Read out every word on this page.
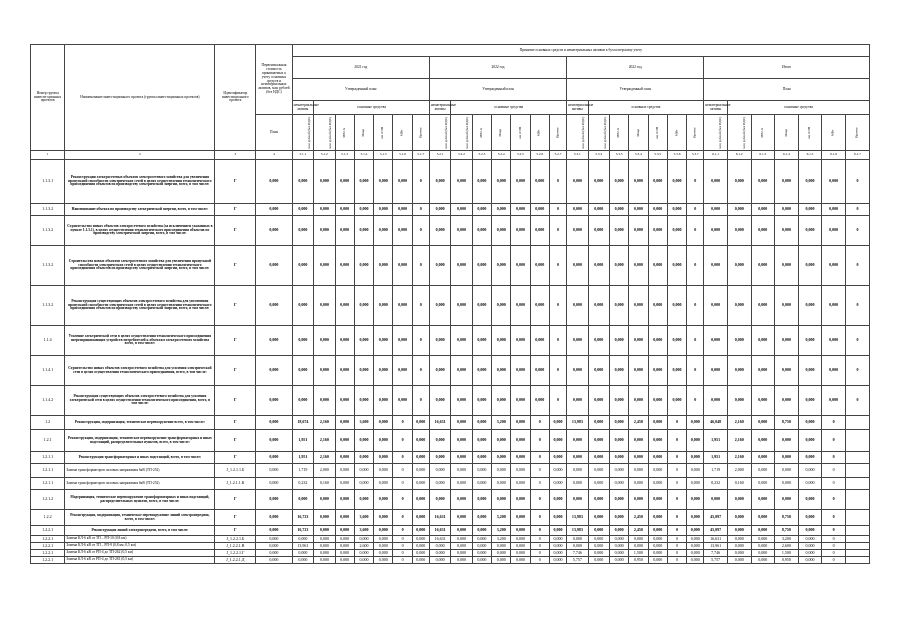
Номер группы инвести-ционных проектов	Наименование инвестиционного проекта (группы инвестиционных проектов)	Идентификатор инвестиционного проекта	Первоначальная стоимость принимаемых к учету основных средств и нематериальных активов, млн рублей (без НДС)	Принятие основных средств и нематериальных активов к бухгалтерскому учету																											
				2021 год							2022 год							2022 год							Итого						
				Утвержденный план							Утвержденный план							Утвержденный план							План						
				нематериальные активы	основные средства						нематериальные активы	основные средства						нематериальные активы	основные средства						нематериальные активы	основные средства					
			План	млн рублей (без НДС)	млн рублей (без НДС)	МВ×А	Мвар	км ЛЭП	МВт	Прочее	млн рублей (без НДС)	млн рублей (без НДС)	МВ×А	Мвар	км ЛЭП	МВт	Прочее	млн рублей (без НДС)	млн рублей (без НДС)	МВ×А	Мвар	км ЛЭП	МВт	Прочее	млн рублей (без НДС)	млн рублей (без НДС)	МВ×А	Мвар	км ЛЭП	МВт	Прочее

1	2	3	4	5.1.1	5.1.2	5.1.3	5.1.4	5.1.5	5.1.6	5.1.7	5.2.1	5.2.2	5.2.3	5.2.4	5.2.5	5.2.6	5.2.7	5.3.1	5.3.2	5.3.3	5.3.4	5.3.5	5.3.6	5.3.7	6.1.1	6.1.2	6.1.3	6.1.4	6.1.5	6.1.6	6.1.7
1.1.3.1	Реконструкция электросетевых объектов электросетевого хозяйства для увеличения пропускной способности электрических сетей в целях осуществления технологического присоединения объектов по производству электрической энергии, всего, в том числе:	Г	0,000	0,000	0,000	0,000	0,000	0,000	0,000	0	0,000	0,000	0,000	0,000	0,000	0,000	0	0,000	0,000	0,000	0,000	0,000	0,000	0	0,000	0,000	0,000	0,000	0,000	0,000	0
1.1.3.2	Наименование объекта по производству электрической энергии, всего, в том числе:	Г	0,000	0,000	0,000	0,000	0,000	0,000	0,000	0	0,000	0,000	0,000	0,000	0,000	0,000	0	0,000	0,000	0,000	0,000	0,000	0,000	0	0,000	0,000	0,000	0,000	0,000	0,000	0
1.1.3.2	Строительство новых объектов электросетевого хозяйства (за исключением указанных в пункте 1.1.3.1), в целях осуществления технологического присоединения объектов по производству электрической энергии, всего, в том числе:	Г	0,000	0,000	0,000	0,000	0,000	0,000	0,000	0	0,000	0,000	0,000	0,000	0,000	0,000	0	0,000	0,000	0,000	0,000	0,000	0,000	0	0,000	0,000	0,000	0,000	0,000	0,000	0
1.1.3.2	Строительство новых объектов электросетевого хозяйства для увеличения пропускной способности электрических сетей в целях осуществления технологического присоединения объектов по производству электрической энергии, всего, в том числе:	Г	0,000	0,000	0,000	0,000	0,000	0,000	0,000	0	0,000	0,000	0,000	0,000	0,000	0,000	0	0,000	0,000	0,000	0,000	0,000	0,000	0	0,000	0,000	0,000	0,000	0,000	0,000	0
1.1.3.2	Реконструкция существующих объектов электросетевого хозяйства для увеличения пропускной способности электрических сетей в целях осуществления технологического присоединения объектов по производству электрической энергии, всего, в том числе:	Г	0,000	0,000	0,000	0,000	0,000	0,000	0,000	0	0,000	0,000	0,000	0,000	0,000	0,000	0	0,000	0,000	0,000	0,000	0,000	0,000	0	0,000	0,000	0,000	0,000	0,000	0,000	0
1.1.4	Усиление электрической сети в целях осуществления технологического присоединения энергопринимающих устройств потребителей к объектам электросетевого хозяйства всего, в том числе:	Г	0,000	0,000	0,000	0,000	0,000	0,000	0,000	0	0,000	0,000	0,000	0,000	0,000	0,000	0	0,000	0,000	0,000	0,000	0,000	0,000	0	0,000	0,000	0,000	0,000	0,000	0,000	0
1.1.4.1	Строительство новых объектов электросетевого хозяйства для усиления электрической сети в целях осуществления технологического присоединения, всего, в том числе:	Г	0,000	0,000	0,000	0,000	0,000	0,000	0,000	0	0,000	0,000	0,000	0,000	0,000	0,000	0	0,000	0,000	0,000	0,000	0,000	0,000	0	0,000	0,000	0,000	0,000	0,000	0,000	0
1.1.4.2	Реконструкция существующих объектов электросетевого хозяйства для усиления электрической сети в целях осуществления технологического присоединения, всего, в том числе:	Г	0,000	0,000	0,000	0,000	0,000	0,000	0,000	0	0,000	0,000	0,000	0,000	0,000	0,000	0	0,000	0,000	0,000	0,000	0,000	0,000	0	0,000	0,000	0,000	0,000	0,000	0,000	0
1.2	Реконструкция, модернизация, техническое перевооружение всего, в том числе:	Г	0,000	18,674	2,160	0,000	3,600	0,000	0	0,000	16,631	0,000	0,000	3,200	0,000	0	0,000	13,983	0,000	0,000	2,450	0,000	0	0,000	46,048	2,160	0,000	8,750	0,000	0	
1.2.1	Реконструкция, модернизация, техническое перевооружение трансформаторных и иных подстанций, распределительных пунктов, всего, в том числе:	Г	0,000	1,951	2,160	0,000	0,000	0,000	0	0,000	0,000	0,000	0,000	0,000	0,000	0	0,000	0,000	0,000	0,000	0,000	0,000	0	0,000	1,951	2,160	0,000	0,000	0,000	0	
1.2.1.1	Реконструкция трансформаторных и иных подстанций, всего, в том числе:	Г	0,000	1,951	2,160	0,000	0,000	0,000	0	0,000	0,000	0,000	0,000	0,000	0,000	0	0,000	0,000	0,000	0,000	0,000	0,000	0	0,000	1,951	2,160	0,000	0,000	0,000	0	
1.2.1.1	Замена трансформаторов силовых напряжения 6кВ (ТП-252)	J_1.2.1.1.Б	0,000	1,719	2,000	0,000	0,000	0,000	0	0,000	0,000	0,000	0,000	0,000	0,000	0	0,000	0,000	0,000	0,000	0,000	0,000	0	0,000	1,719	2,000	0,000	0,000	0,000	0	
1.2.1.1	Замена трансформаторов силовых напряжения 6кВ (ТП-252)	J_1.2.1.1.К	0,000	0,232	0,160	0,000	0,000	0,000	0	0,000	0,000	0,000	0,000	0,000	0,000	0	0,000	0,000	0,000	0,000	0,000	0,000	0	0,000	0,232	0,160	0,000	0,000	0,000	0	
1.2.1.2	Модернизация, техническое перевооружение трансформаторных и иных подстанций, распределительных пунктов, всего, в том числе:	Г	0,000	0,000	0,000	0,000	0,000	0,000	0	0,000	0,000	0,000	0,000	0,000	0,000	0	0,000	0,000	0,000	0,000	0,000	0,000	0	0,000	0,000	0,000	0,000	0,000	0,000	0	
1.2.2	Реконструкция, модернизация, техническое перевооружение линий электропередачи, всего, в том числе:	Г	0,000	16,723	0,000	0,000	3,600	0,000	0	0,000	16,631	0,000	0,000	3,200	0,000	0	0,000	13,983	0,000	0,000	2,450	0,000	0	0,000	45,097	0,000	0,000	8,750	0,000	0	
1.2.2.1	Реконструкция линий электропередачи, всего, в том числе:	Г	0,000	16,723	0,000	0,000	3,600	0,000	0	0,000	16,631	0,000	0,000	3,200	0,000	0	0,000	13,983	0,000	0,000	2,450	0,000	0	0,000	45,097	0,000	0,000	8,750	0,000	0	
1.2.2.1	Замена КЛ-6 кВ от ТП – РП-10 (0,8 км)	J_1.2.2.1.Б	0,000	0,000	0,000	0,000	0,000	0,000	0	0,000	16,631	0,000	0,000	3,200	0,000	0	0,000	0,000	0,000	0,000	0,000	0,000	0	0,000	16,631	0,000	0,000	3,200	0,000	0	
1.2.2.1	Замена КЛ-6 кВ от ТП – РП-9 (0,8 км; 0,5 км)	J_1.2.2.1.В	0,000	13,961	0,000	0,000	2,600	0,000	0	0,000	0,000	0,000	0,000	0,000	0,000	0	0,000	0,000	0,000	0,000	0,000	0,000	0	0,000	13,961	0,000	0,000	2,600	0,000	0	
1.2.2.1	Замена КЛ-6 кВ от РП-4 до ТП-262 (0,5 км)	J_1.2.2.1.Г	0,000	0,000	0,000	0,000	0,000	0,000	0	0,000	0,000	0,000	0,000	0,000	0,000	0	0,000	7,746	0,000	0,000	1,500	0,000	0	0,000	7,746	0,000	0,000	1,500	0,000	0	
1.2.2.1	Замена КЛ-6 кВ от РП-4 до ТП-281 (0,5 км)	J_1.2.2.1.Д	0,000	0,000	0,000	0,000	0,000	0,000	0	0,000	0,000	0,000	0,000	0,000	0,000	0	0,000	5,757	0,000	0,000	0,950	0,000	0	0,000	5,757	0,000	0,000	0,950	0,000	0	
